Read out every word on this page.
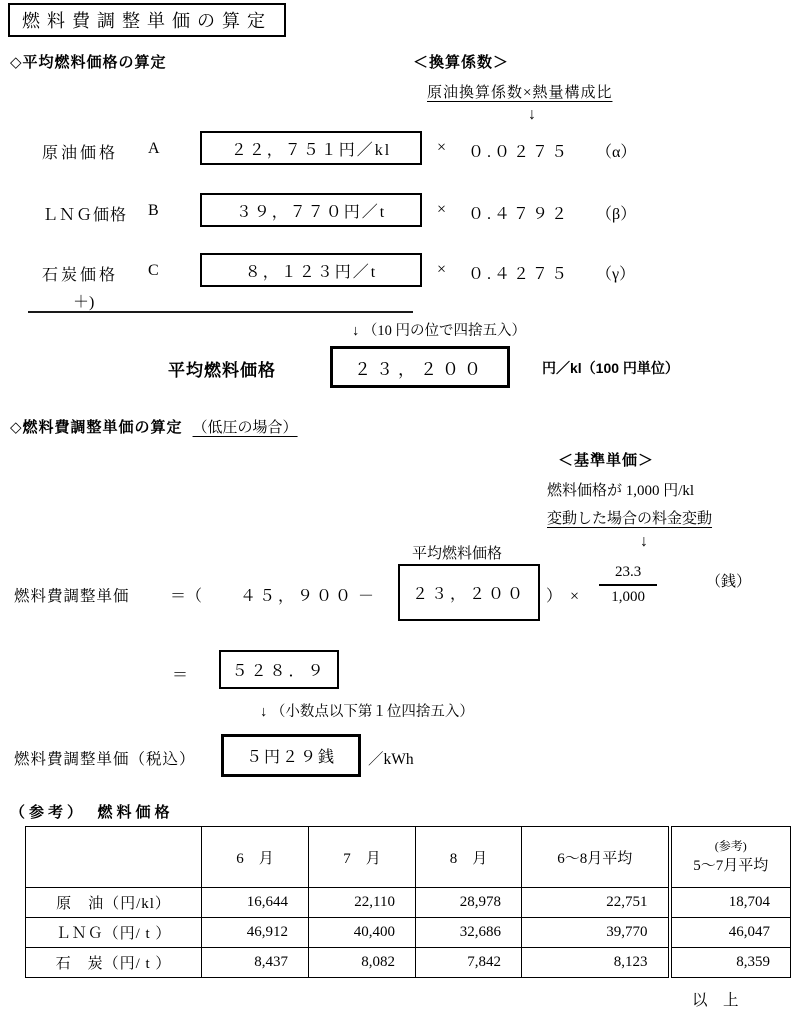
燃料費調整単価の算定
◇平均燃料価格の算定	＜換算係数＞
原油換算係数×熱量構成比
↓
原油価格 A	２２，７５１円／kl	× ０.０２７５ （α）
ＬＮＧ価格 B	３９，７７０円／t	× ０.４７９２ （β）
石炭価格 C	８，１２３円／t	× ０.４２７５ （γ）
＋)
↓ （10 円の位で四捨五入）
平均燃料価格	２３，２００	円／kl（100 円単位）
◇燃料費調整単価の算定 （低圧の場合）
＜基準単価＞
燃料価格が 1,000 円/kl
変動した場合の料金変動
↓
平均燃料価格
燃料費調整単価	＝（ ４５，９００ － ２３，２００ ）× $\frac{23.3}{1,000}$	（銭）
＝	５２８．９
↓ （小数点以下第１位四捨五入）
燃料費調整単価（税込）	５円２９銭 ／kWh
（参考）　燃料価格
	6　月	7　月	8　月	6～8月平均	(参考)
5～7月平均

原　油（円/kl）	16,644	22,110	28,978	22,751	18,704
ＬＮＧ（円/ t ）	46,912	40,400	32,686	39,770	46,047
石　炭（円/ t ）	8,437	8,082	7,842	8,123	8,359
以　上
